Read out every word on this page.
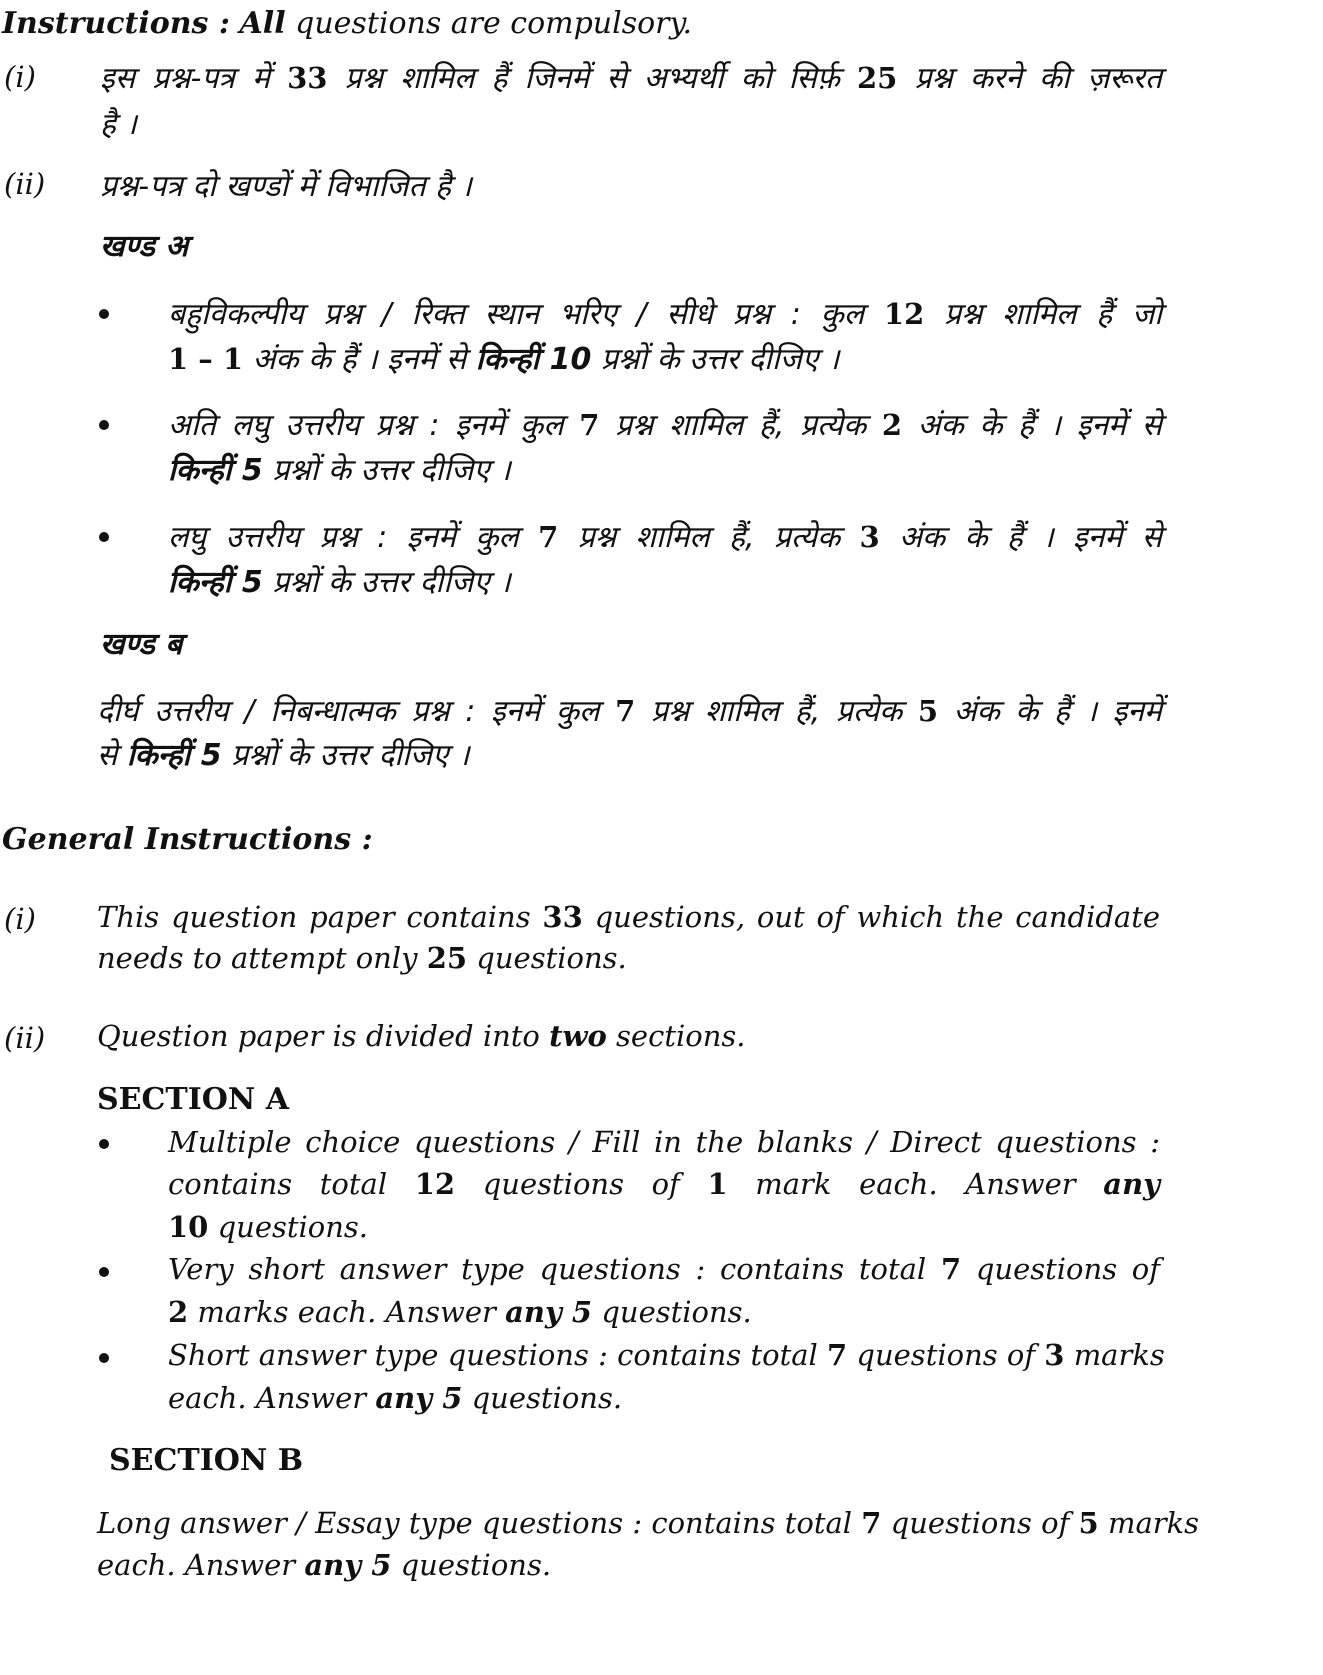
Instructions : All questions are compulsory.
(i) इस प्रश्न-पत्र में 33 प्रश्न शामिल हैं जिनमें से अभ्यर्थी को सिर्फ़ 25 प्रश्न करने की ज़रूरत
है ।
(ii) प्रश्न-पत्र दो खण्डों में विभाजित है ।
खण्ड अ
बहुविकल्पीय प्रश्न / रिक्त स्थान भरिए / सीधे प्रश्न : कुल 12 प्रश्न शामिल हैं जो
1 – 1 अंक के हैं । इनमें से किन्हीं 10 प्रश्नों के उत्तर दीजिए ।
अति लघु उत्तरीय प्रश्न : इनमें कुल 7 प्रश्न शामिल हैं, प्रत्येक 2 अंक के हैं । इनमें से
किन्हीं 5 प्रश्नों के उत्तर दीजिए ।
लघु उत्तरीय प्रश्न : इनमें कुल 7 प्रश्न शामिल हैं, प्रत्येक 3 अंक के हैं । इनमें से
किन्हीं 5 प्रश्नों के उत्तर दीजिए ।
खण्ड ब
दीर्घ उत्तरीय / निबन्धात्मक प्रश्न : इनमें कुल 7 प्रश्न शामिल हैं, प्रत्येक 5 अंक के हैं । इनमें
से किन्हीं 5 प्रश्नों के उत्तर दीजिए ।
General Instructions :
(i) This question paper contains 33 questions, out of which the candidate
needs to attempt only 25 questions.
(ii) Question paper is divided into two sections.
SECTION A
Multiple choice questions / Fill in the blanks / Direct questions :
contains total 12 questions of 1 mark each. Answer any
10 questions.
Very short answer type questions : contains total 7 questions of
2 marks each. Answer any 5 questions.
Short answer type questions : contains total 7 questions of 3 marks
each. Answer any 5 questions.
SECTION B
Long answer / Essay type questions : contains total 7 questions of 5 marks
each. Answer any 5 questions.
